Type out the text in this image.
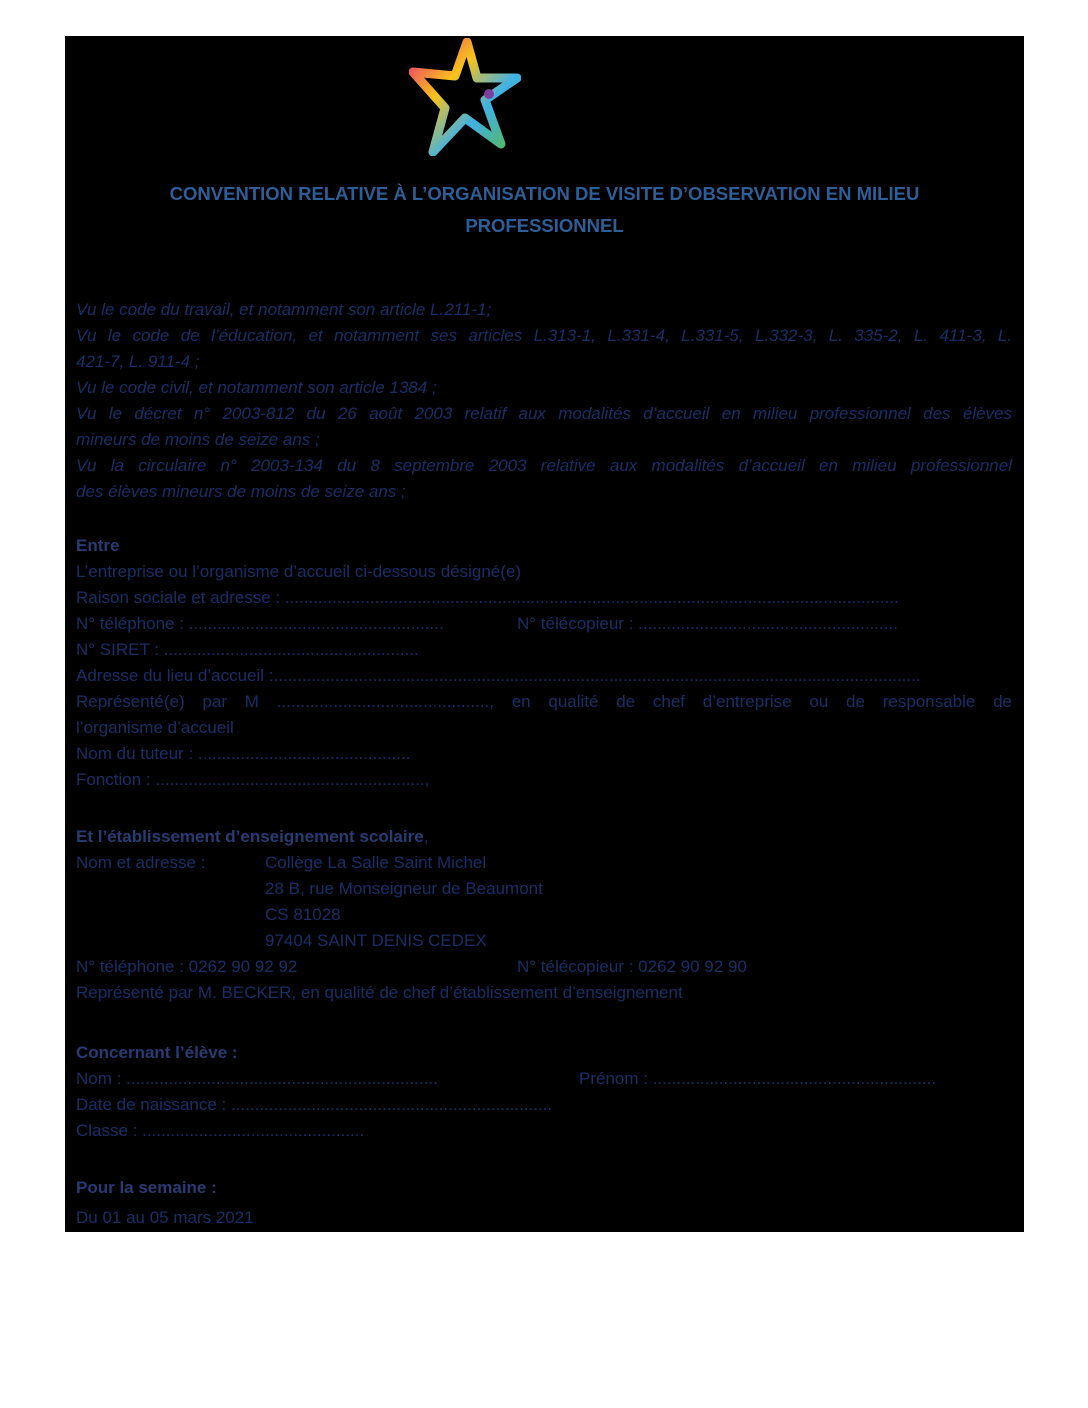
CONVENTION RELATIVE À L’ORGANISATION DE VISITE D’OBSERVATION EN MILIEU
PROFESSIONNEL
Vu le code du travail, et notamment son article L.211-1;
Vu le code de l’éducation, et notamment ses articles L.313-1, L.331-4, L.331-5, L.332-3, L. 335-2, L. 411-3, L.
421-7, L. 911-4 ;
Vu le code civil, et notamment son article 1384 ;
Vu le décret n° 2003-812 du 26 août 2003 relatif aux modalités d’accueil en milieu professionnel des élèves
mineurs de moins de seize ans ;
Vu la circulaire n° 2003-134 du 8 septembre 2003 relative aux modalités d’accueil en milieu professionnel
des élèves mineurs de moins de seize ans ;
Entre
L’entreprise ou l’organisme d’accueil ci-dessous désigné(e)
Raison sociale et adresse : ..................................................................................................................................
N° téléphone : ......................................................	N° télécopieur : .......................................................
N° SIRET : ......................................................
Adresse du lieu d’accueil :.........................................................................................................................................
Représenté(e) par M ............................................., en qualité de chef d’entreprise ou de responsable de
l’organisme d’accueil
Nom du tuteur : .............................................
Fonction : .........................................................,
Et l’établissement d’enseignement scolaire,
Nom et adresse :	Collège La Salle Saint Michel
28 B, rue Monseigneur de Beaumont
CS 81028
97404 SAINT DENIS CEDEX
N° téléphone : 0262 90 92 92	N° télécopieur : 0262 90 92 90
Représenté par M. BECKER, en qualité de chef d’établissement d’enseignement
Concernant l’élève :
Nom : ..................................................................	Prénom : ............................................................
Date de naissance : ....................................................................
Classe : ...............................................
Pour la semaine :
Du 01 au 05 mars 2021
